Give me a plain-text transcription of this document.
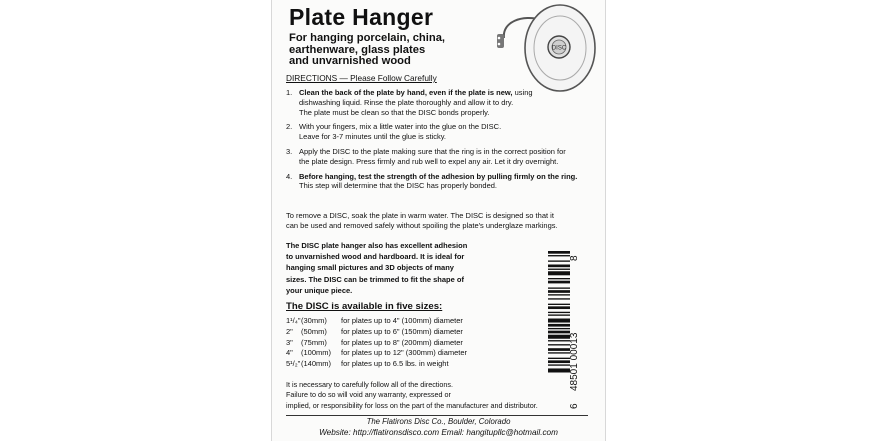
Plate Hanger
For hanging porcelain, china,
earthenware, glass plates
and unvarnished wood
DISC
DIRECTIONS — Please Follow Carefully
1. Clean the back of the plate by hand, even if the plate is new, using
dishwashing liquid. Rinse the plate thoroughly and allow it to dry.
The plate must be clean so that the DISC bonds properly.
2. With your fingers, mix a little water into the glue on the DISC.
Leave for 3-7 minutes until the glue is sticky.
3. Apply the DISC to the plate making sure that the ring is in the correct position for
the plate design. Press firmly and rub well to expel any air. Let it dry overnight.
4. Before hanging, test the strength of the adhesion by pulling firmly on the ring.
This step will determine that the DISC has properly bonded.
To remove a DISC, soak the plate in warm water. The DISC is designed so that it
can be used and removed safely without spoiling the plate's underglaze markings.
The DISC plate hanger also has excellent adhesion
to unvarnished wood and hardboard. It is ideal for
hanging small pictures and 3D objects of many
sizes. The DISC can be trimmed to fit the shape of
your unique piece.
The DISC is available in five sizes:
1¹/₄" (30mm)	for plates up to 4" (100mm) diameter
2"	(50mm)	for plates up to 6" (150mm) diameter
3"	(75mm)	for plates up to 8" (200mm) diameter
4"	(100mm)	for plates up to 12" (300mm) diameter
5¹/₂" (140mm)	for plates up to 6.5 lbs. in weight
6
48501 00013
8
It is necessary to carefully follow all of the directions.
Failure to do so will void any warranty, expressed or
implied, or responsibility for loss on the part of the manufacturer and distributor.
The Flatirons Disc Co., Boulder, Colorado
Website: http://flatironsdisco.com Email: hangitupllc@hotmail.com
